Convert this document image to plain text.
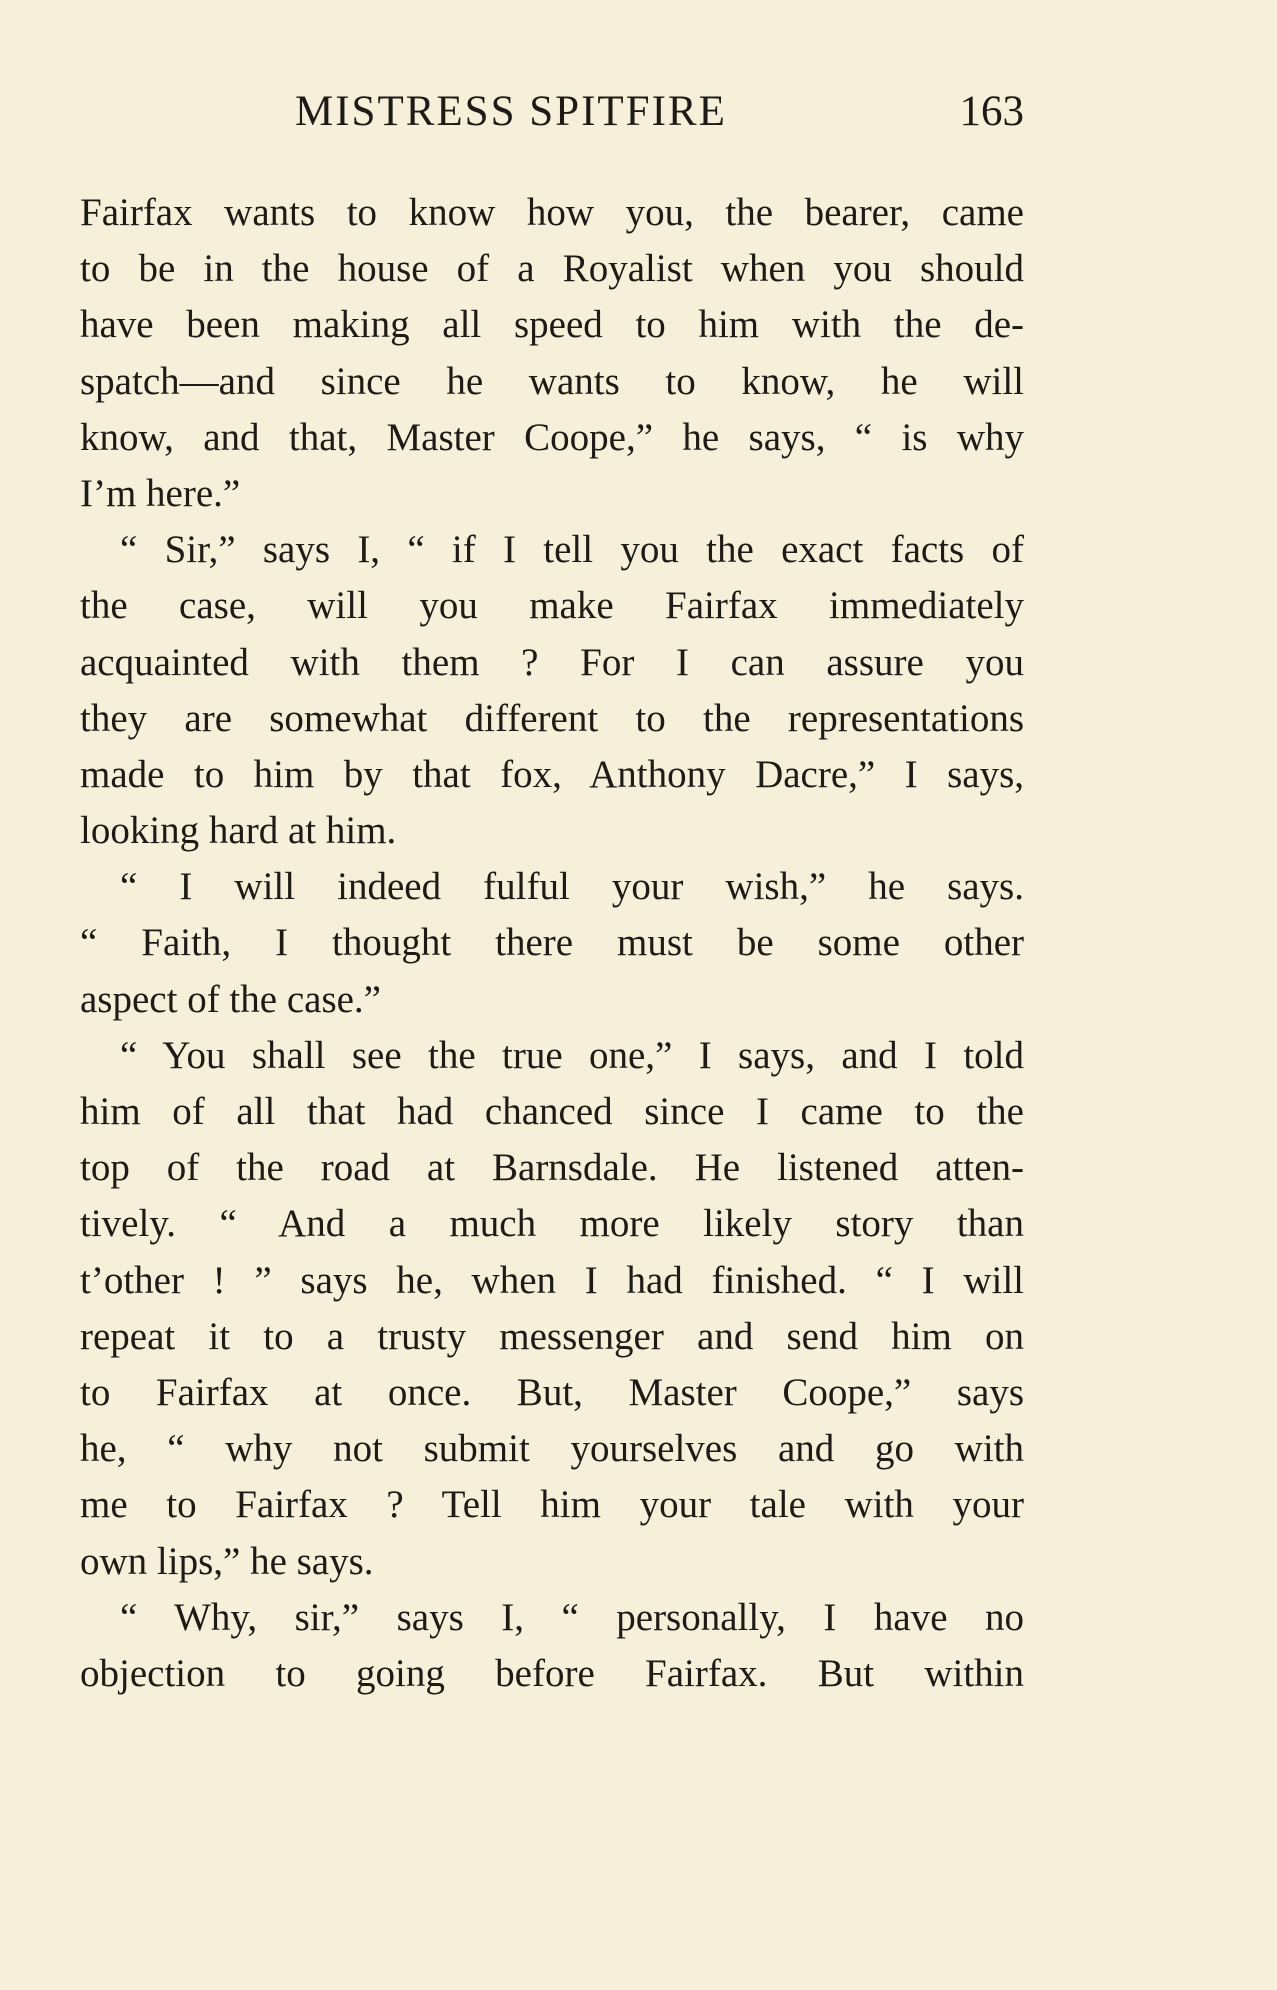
MISTRESS SPITFIRE	163
Fairfax wants to know how you, the bearer, came
to be in the house of a Royalist when you should
have been making all speed to him with the de-
spatch—and since he wants to know, he will
know, and that, Master Coope,” he says, “ is why
I’m here.”
“ Sir,” says I, “ if I tell you the exact facts of
the case, will you make Fairfax immediately
acquainted with them ? For I can assure you
they are somewhat different to the representations
made to him by that fox, Anthony Dacre,” I says,
looking hard at him.
“ I will indeed fulful your wish,” he says.
“ Faith, I thought there must be some other
aspect of the case.”
“ You shall see the true one,” I says, and I told
him of all that had chanced since I came to the
top of the road at Barnsdale. He listened atten-
tively. “ And a much more likely story than
t’other ! ” says he, when I had finished. “ I will
repeat it to a trusty messenger and send him on
to Fairfax at once. But, Master Coope,” says
he, “ why not submit yourselves and go with
me to Fairfax ? Tell him your tale with your
own lips,” he says.
“ Why, sir,” says I, “ personally, I have no
objection to going before Fairfax. But within
